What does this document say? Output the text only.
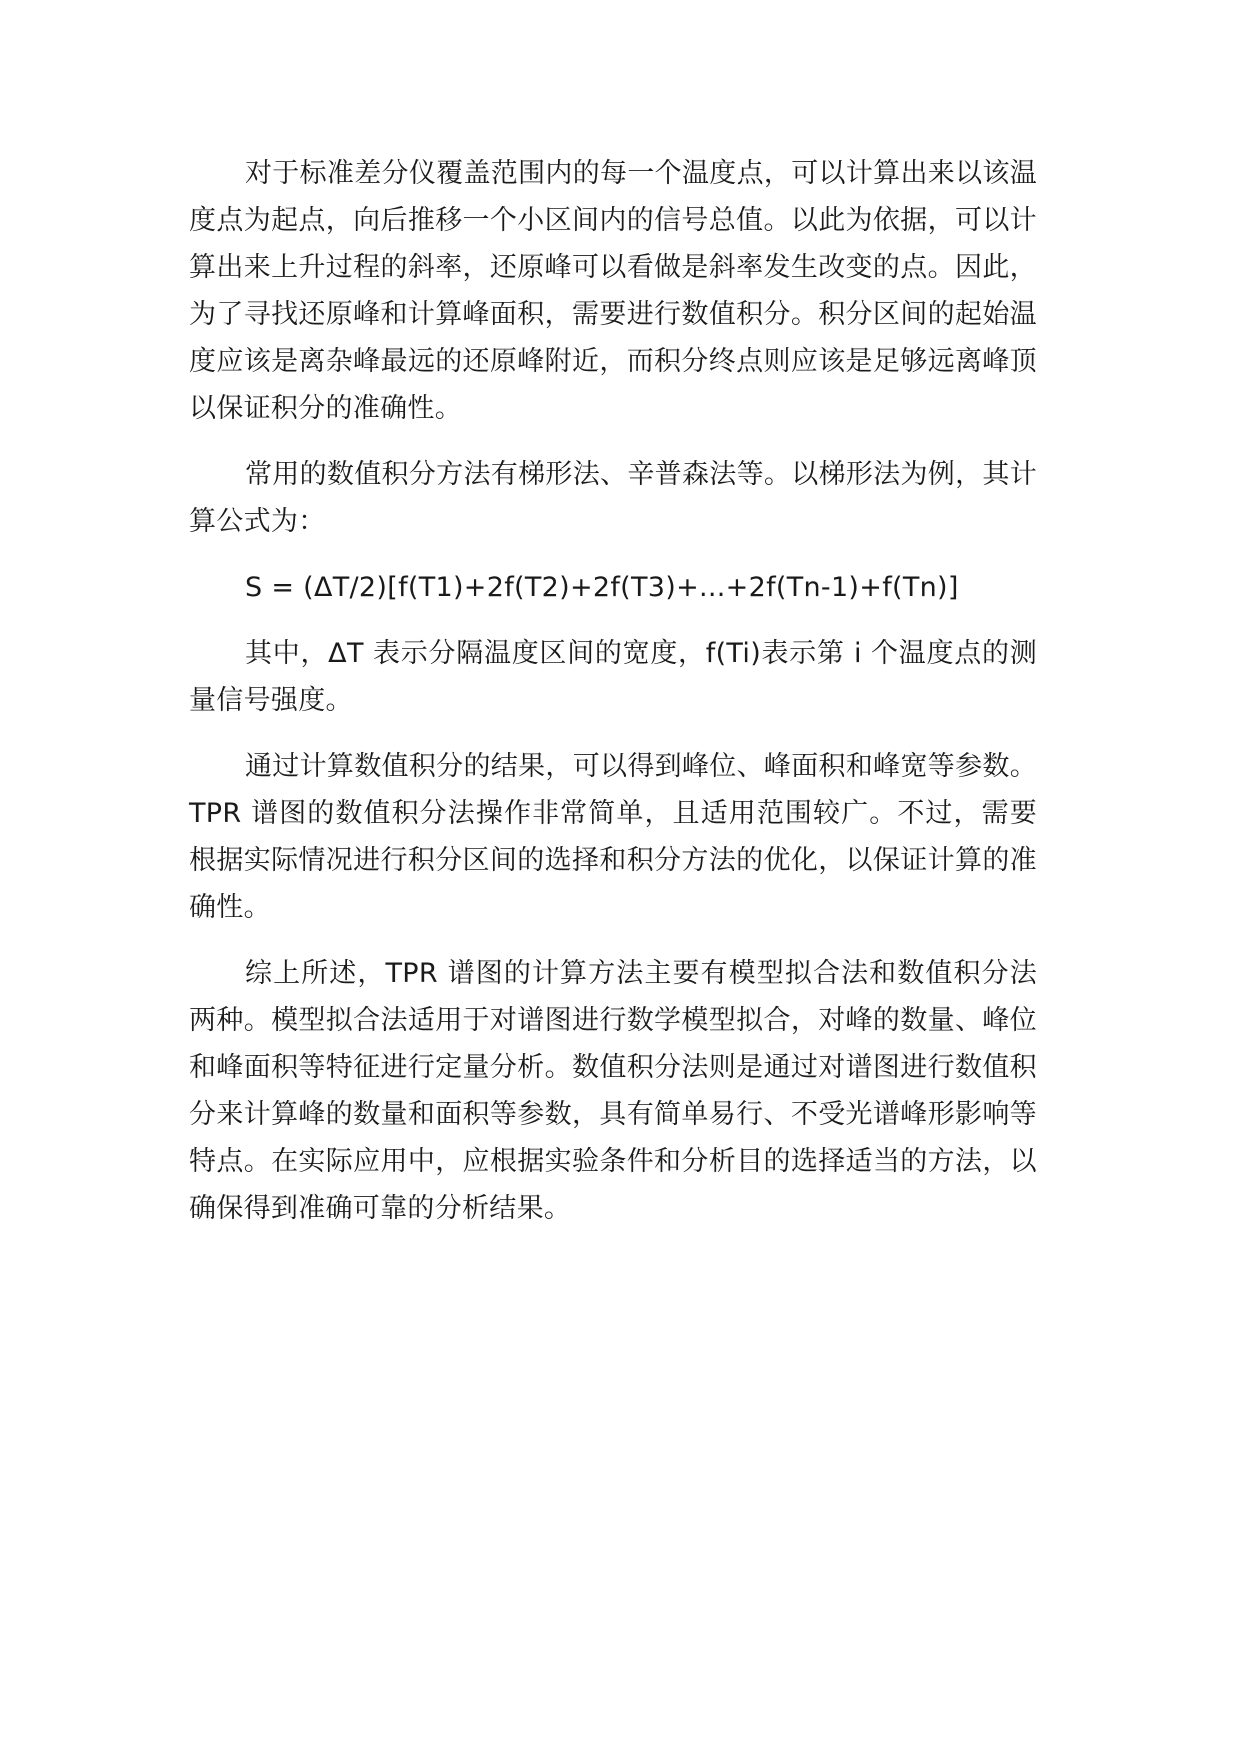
对于标准差分仪覆盖范围内的每一个温度点，可以计算出来以该温度点为起点，向后推移一个小区间内的信号总值。以此为依据，可以计算出来上升过程的斜率，还原峰可以看做是斜率发生改变的点。因此，为了寻找还原峰和计算峰面积，需要进行数值积分。积分区间的起始温度应该是离杂峰最远的还原峰附近，而积分终点则应该是足够远离峰顶以保证积分的准确性。

常用的数值积分方法有梯形法、辛普森法等。以梯形法为例，其计算公式为：

S = (ΔT/2)[f(T1)+2f(T2)+2f(T3)+...+2f(Tn-1)+f(Tn)]

其中，ΔT 表示分隔温度区间的宽度，f(Ti)表示第 i 个温度点的测量信号强度。

通过计算数值积分的结果，可以得到峰位、峰面积和峰宽等参数。TPR 谱图的数值积分法操作非常简单，且适用范围较广。不过，需要根据实际情况进行积分区间的选择和积分方法的优化，以保证计算的准确性。

综上所述，TPR 谱图的计算方法主要有模型拟合法和数值积分法两种。模型拟合法适用于对谱图进行数学模型拟合，对峰的数量、峰位和峰面积等特征进行定量分析。数值积分法则是通过对谱图进行数值积分来计算峰的数量和面积等参数，具有简单易行、不受光谱峰形影响等特点。在实际应用中，应根据实验条件和分析目的选择适当的方法，以确保得到准确可靠的分析结果。
